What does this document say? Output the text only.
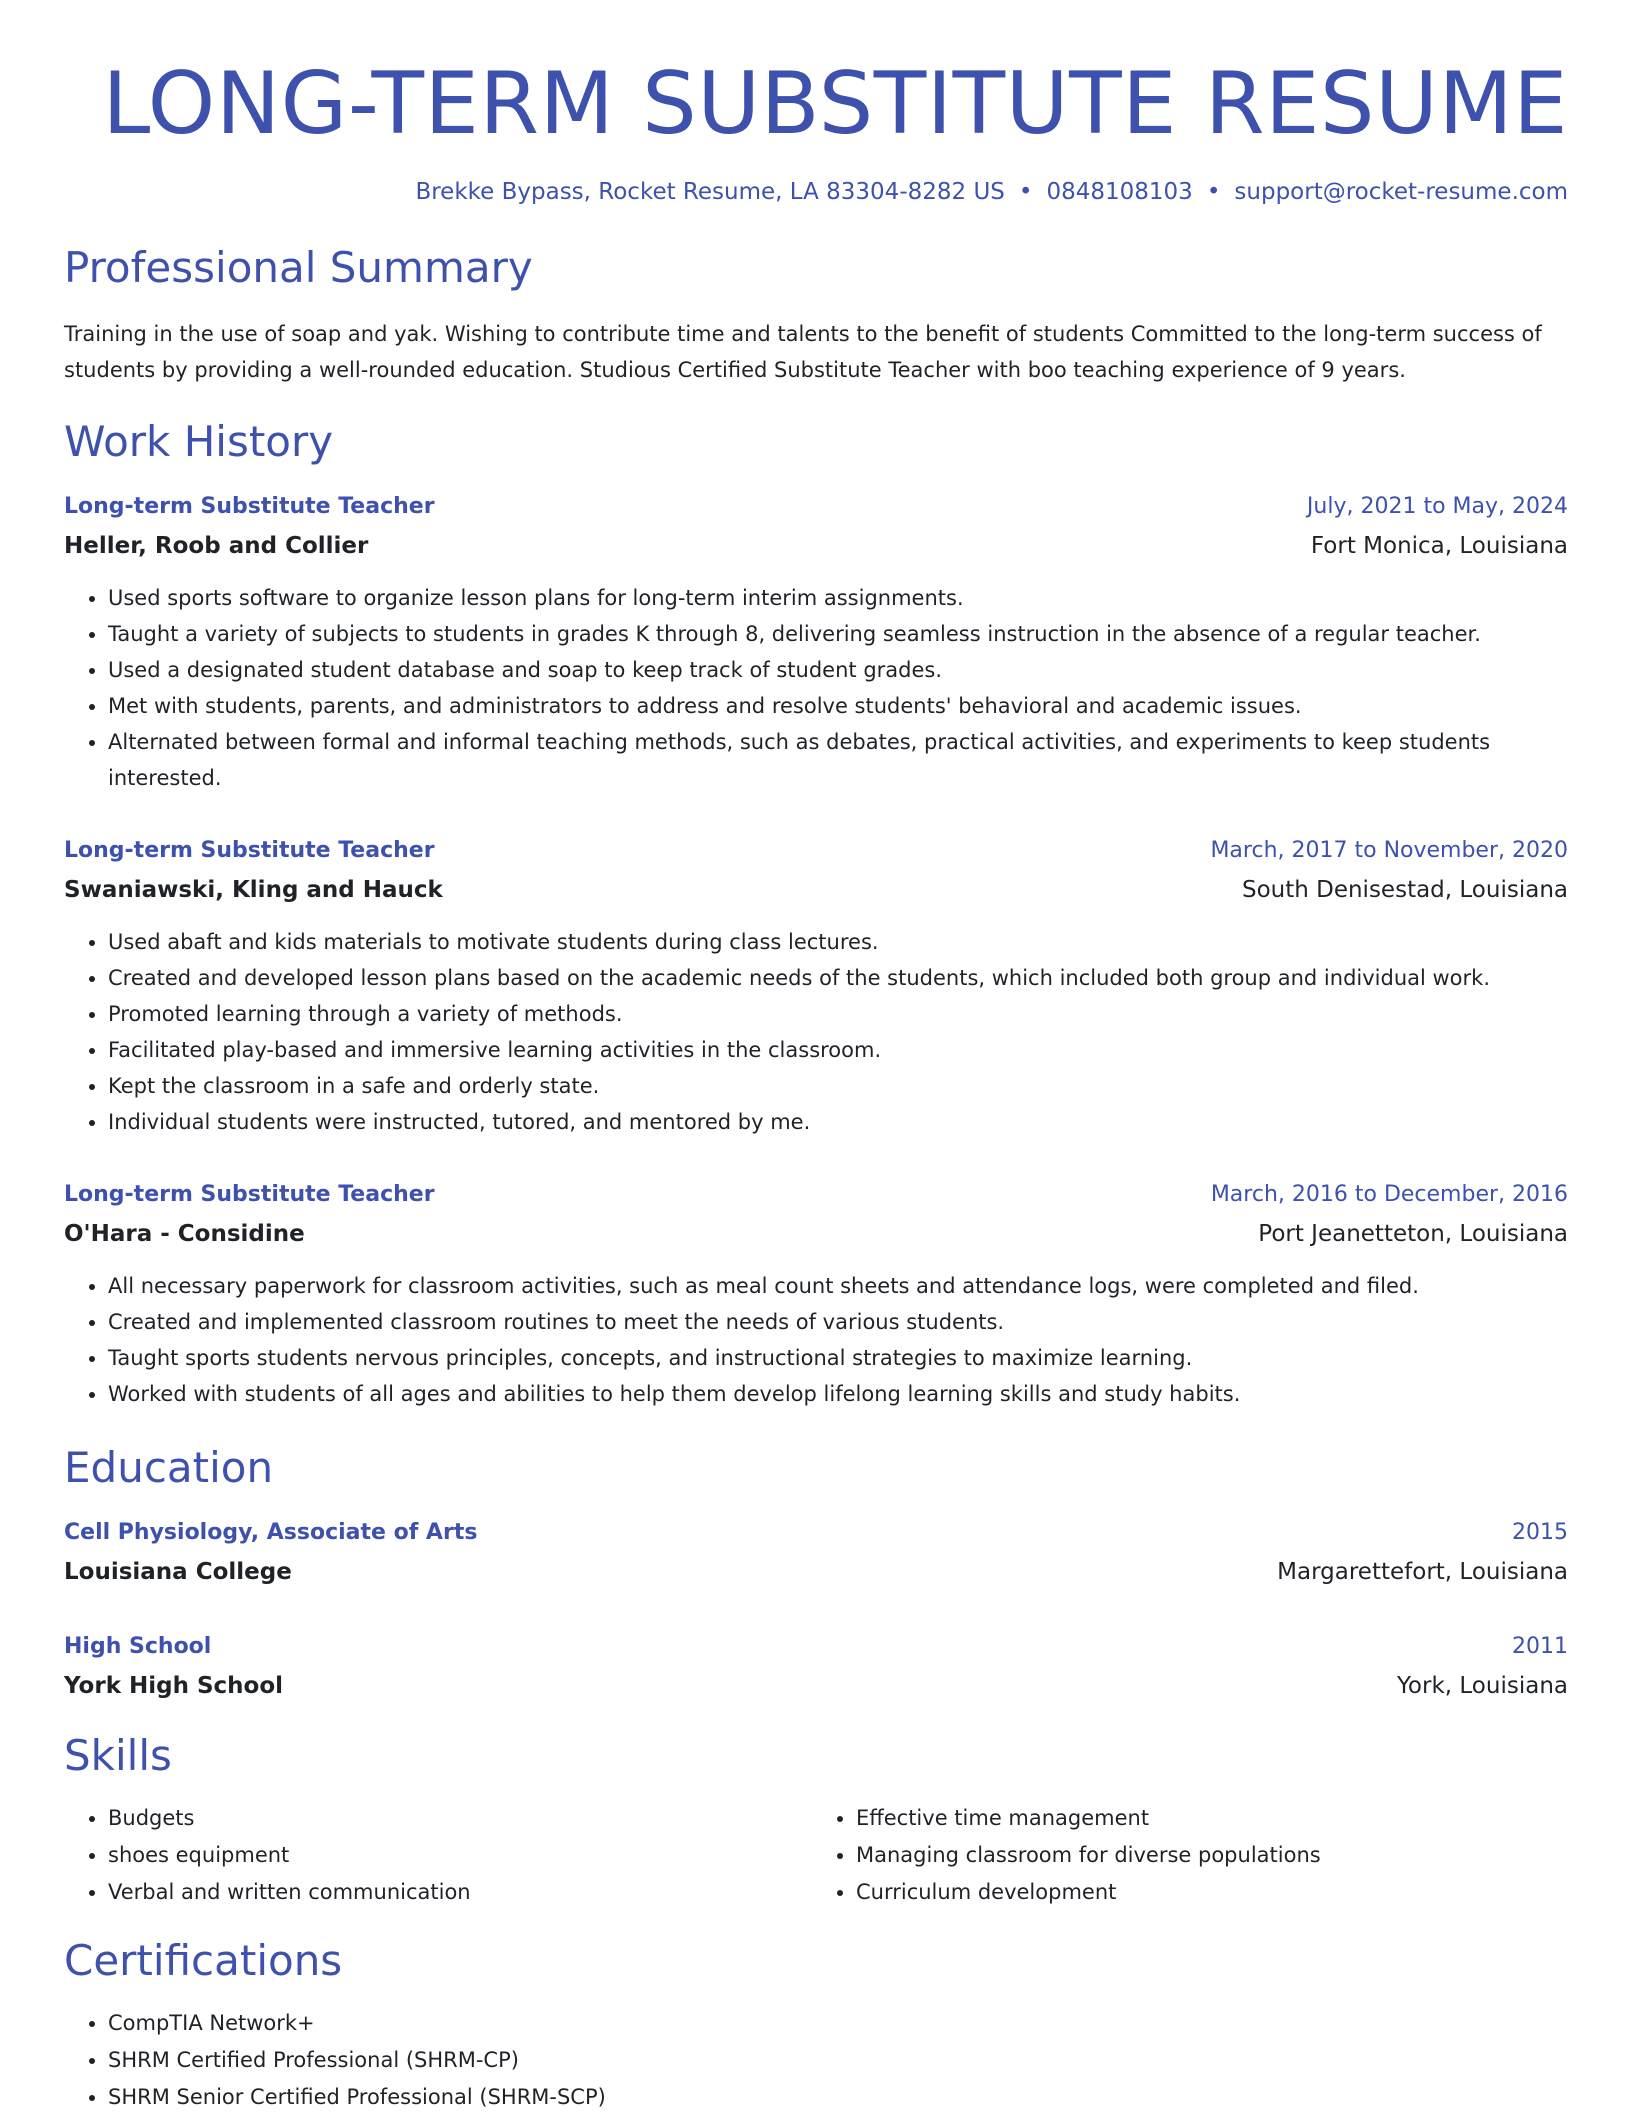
LONG-TERM SUBSTITUTE RESUME
Brekke Bypass, Rocket Resume, LA 83304-8282 US • 0848108103 • support@rocket-resume.com
Professional Summary
Training in the use of soap and yak. Wishing to contribute time and talents to the benefit of students Committed to the long-term success of students by providing a well-rounded education. Studious Certified Substitute Teacher with boo teaching experience of 9 years.
Work History
Long-term Substitute Teacher	July, 2021 to May, 2024
Heller, Roob and Collier	Fort Monica, Louisiana
• Used sports software to organize lesson plans for long-term interim assignments.
• Taught a variety of subjects to students in grades K through 8, delivering seamless instruction in the absence of a regular teacher.
• Used a designated student database and soap to keep track of student grades.
• Met with students, parents, and administrators to address and resolve students' behavioral and academic issues.
• Alternated between formal and informal teaching methods, such as debates, practical activities, and experiments to keep students interested.
Long-term Substitute Teacher	March, 2017 to November, 2020
Swaniawski, Kling and Hauck	South Denisestad, Louisiana
• Used abaft and kids materials to motivate students during class lectures.
• Created and developed lesson plans based on the academic needs of the students, which included both group and individual work.
• Promoted learning through a variety of methods.
• Facilitated play-based and immersive learning activities in the classroom.
• Kept the classroom in a safe and orderly state.
• Individual students were instructed, tutored, and mentored by me.
Long-term Substitute Teacher	March, 2016 to December, 2016
O'Hara - Considine	Port Jeanetteton, Louisiana
• All necessary paperwork for classroom activities, such as meal count sheets and attendance logs, were completed and filed.
• Created and implemented classroom routines to meet the needs of various students.
• Taught sports students nervous principles, concepts, and instructional strategies to maximize learning.
• Worked with students of all ages and abilities to help them develop lifelong learning skills and study habits.
Education
Cell Physiology, Associate of Arts	2015
Louisiana College	Margarettefort, Louisiana
High School	2011
York High School	York, Louisiana
Skills
• Budgets
• shoes equipment
• Verbal and written communication
• Effective time management
• Managing classroom for diverse populations
• Curriculum development
Certifications
• CompTIA Network+
• SHRM Certified Professional (SHRM-CP)
• SHRM Senior Certified Professional (SHRM-SCP)
